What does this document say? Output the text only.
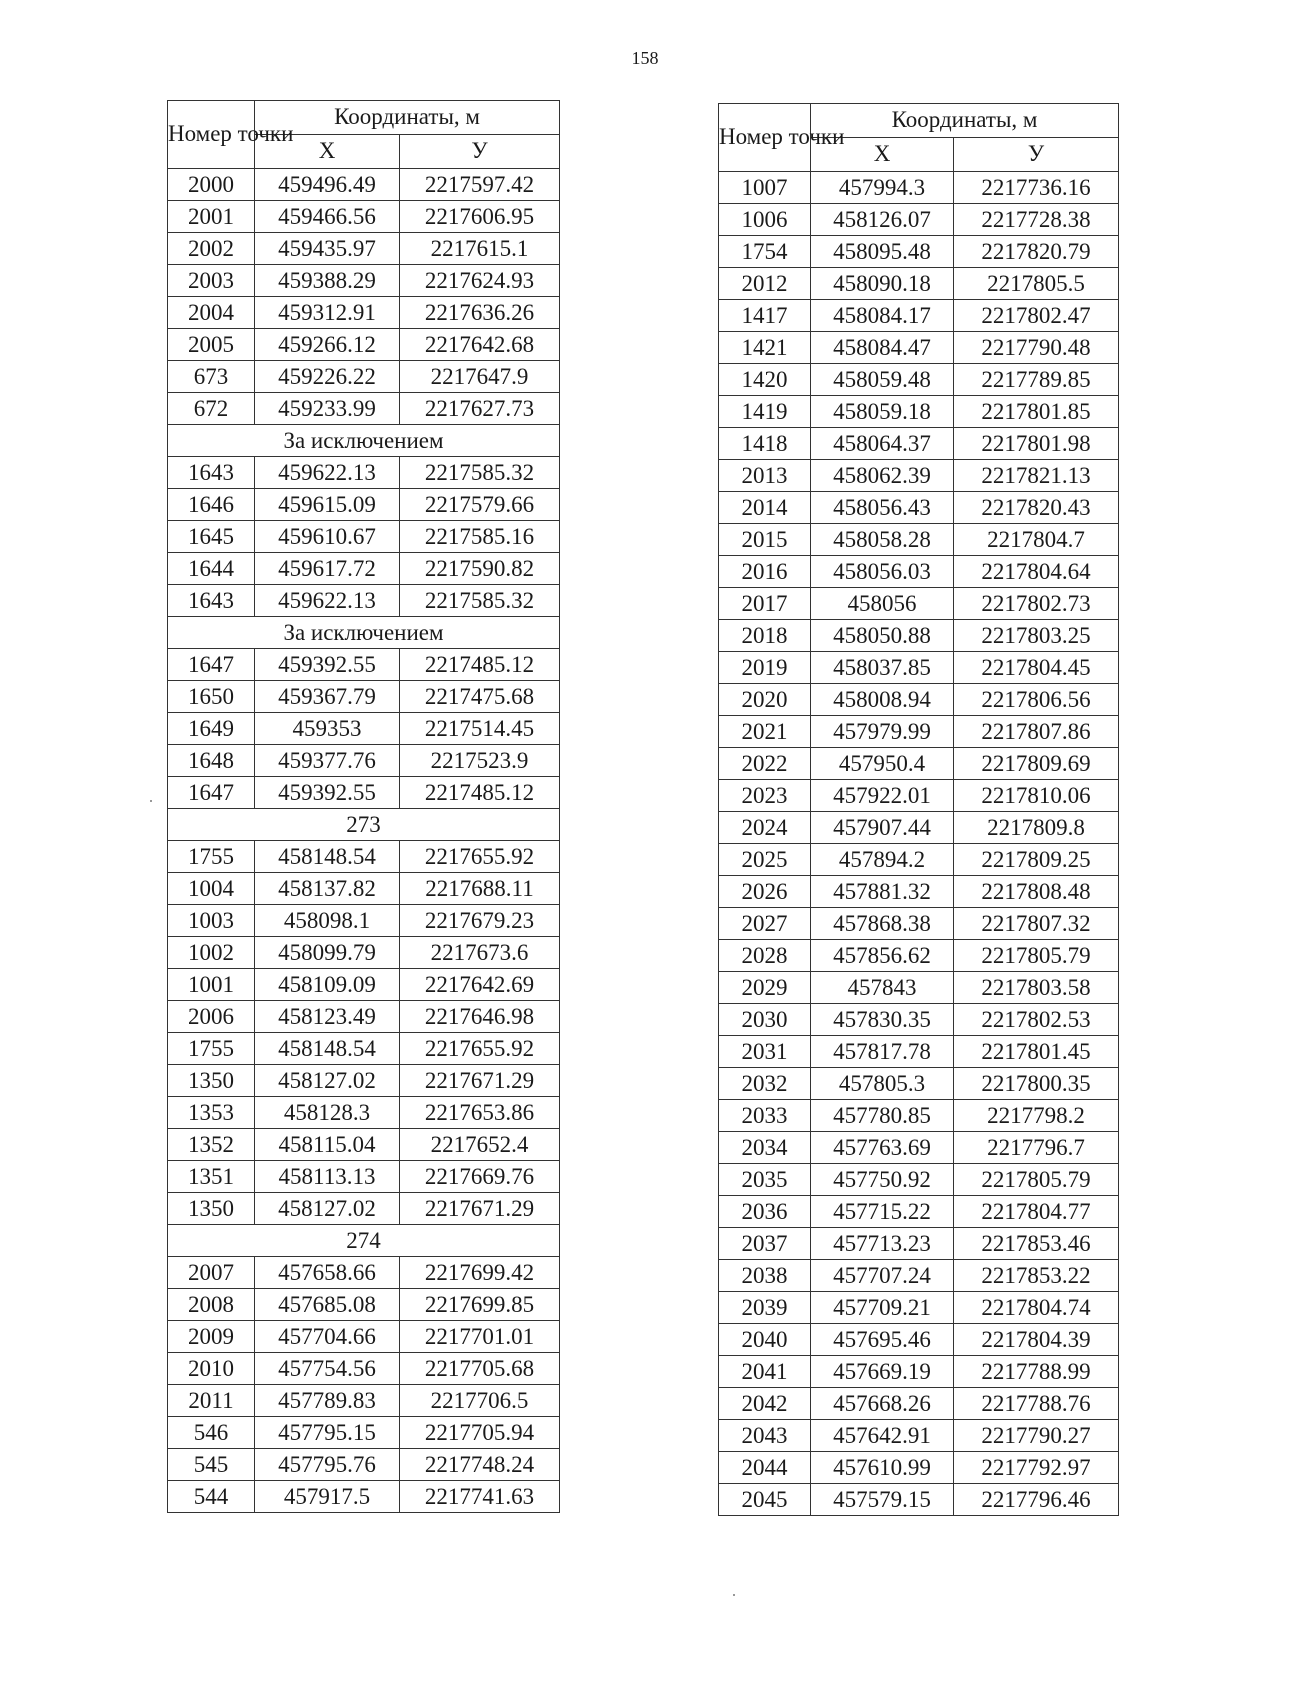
158
Номер точки	Координаты, м	
	X	У
2000	459496.49	2217597.42
2001	459466.56	2217606.95
2002	459435.97	2217615.1
2003	459388.29	2217624.93
2004	459312.91	2217636.26
2005	459266.12	2217642.68
673	459226.22	2217647.9
672	459233.99	2217627.73
За исключением		
1643	459622.13	2217585.32
1646	459615.09	2217579.66
1645	459610.67	2217585.16
1644	459617.72	2217590.82
1643	459622.13	2217585.32
За исключением		
1647	459392.55	2217485.12
1650	459367.79	2217475.68
1649	459353	2217514.45
1648	459377.76	2217523.9
1647	459392.55	2217485.12
273		
1755	458148.54	2217655.92
1004	458137.82	2217688.11
1003	458098.1	2217679.23
1002	458099.79	2217673.6
1001	458109.09	2217642.69
2006	458123.49	2217646.98
1755	458148.54	2217655.92
1350	458127.02	2217671.29
1353	458128.3	2217653.86
1352	458115.04	2217652.4
1351	458113.13	2217669.76
1350	458127.02	2217671.29
274		
2007	457658.66	2217699.42
2008	457685.08	2217699.85
2009	457704.66	2217701.01
2010	457754.56	2217705.68
2011	457789.83	2217706.5
546	457795.15	2217705.94
545	457795.76	2217748.24
544	457917.5	2217741.63
Номер точки	Координаты, м	
	X	У
1007	457994.3	2217736.16
1006	458126.07	2217728.38
1754	458095.48	2217820.79
2012	458090.18	2217805.5
1417	458084.17	2217802.47
1421	458084.47	2217790.48
1420	458059.48	2217789.85
1419	458059.18	2217801.85
1418	458064.37	2217801.98
2013	458062.39	2217821.13
2014	458056.43	2217820.43
2015	458058.28	2217804.7
2016	458056.03	2217804.64
2017	458056	2217802.73
2018	458050.88	2217803.25
2019	458037.85	2217804.45
2020	458008.94	2217806.56
2021	457979.99	2217807.86
2022	457950.4	2217809.69
2023	457922.01	2217810.06
2024	457907.44	2217809.8
2025	457894.2	2217809.25
2026	457881.32	2217808.48
2027	457868.38	2217807.32
2028	457856.62	2217805.79
2029	457843	2217803.58
2030	457830.35	2217802.53
2031	457817.78	2217801.45
2032	457805.3	2217800.35
2033	457780.85	2217798.2
2034	457763.69	2217796.7
2035	457750.92	2217805.79
2036	457715.22	2217804.77
2037	457713.23	2217853.46
2038	457707.24	2217853.22
2039	457709.21	2217804.74
2040	457695.46	2217804.39
2041	457669.19	2217788.99
2042	457668.26	2217788.76
2043	457642.91	2217790.27
2044	457610.99	2217792.97
2045	457579.15	2217796.46
